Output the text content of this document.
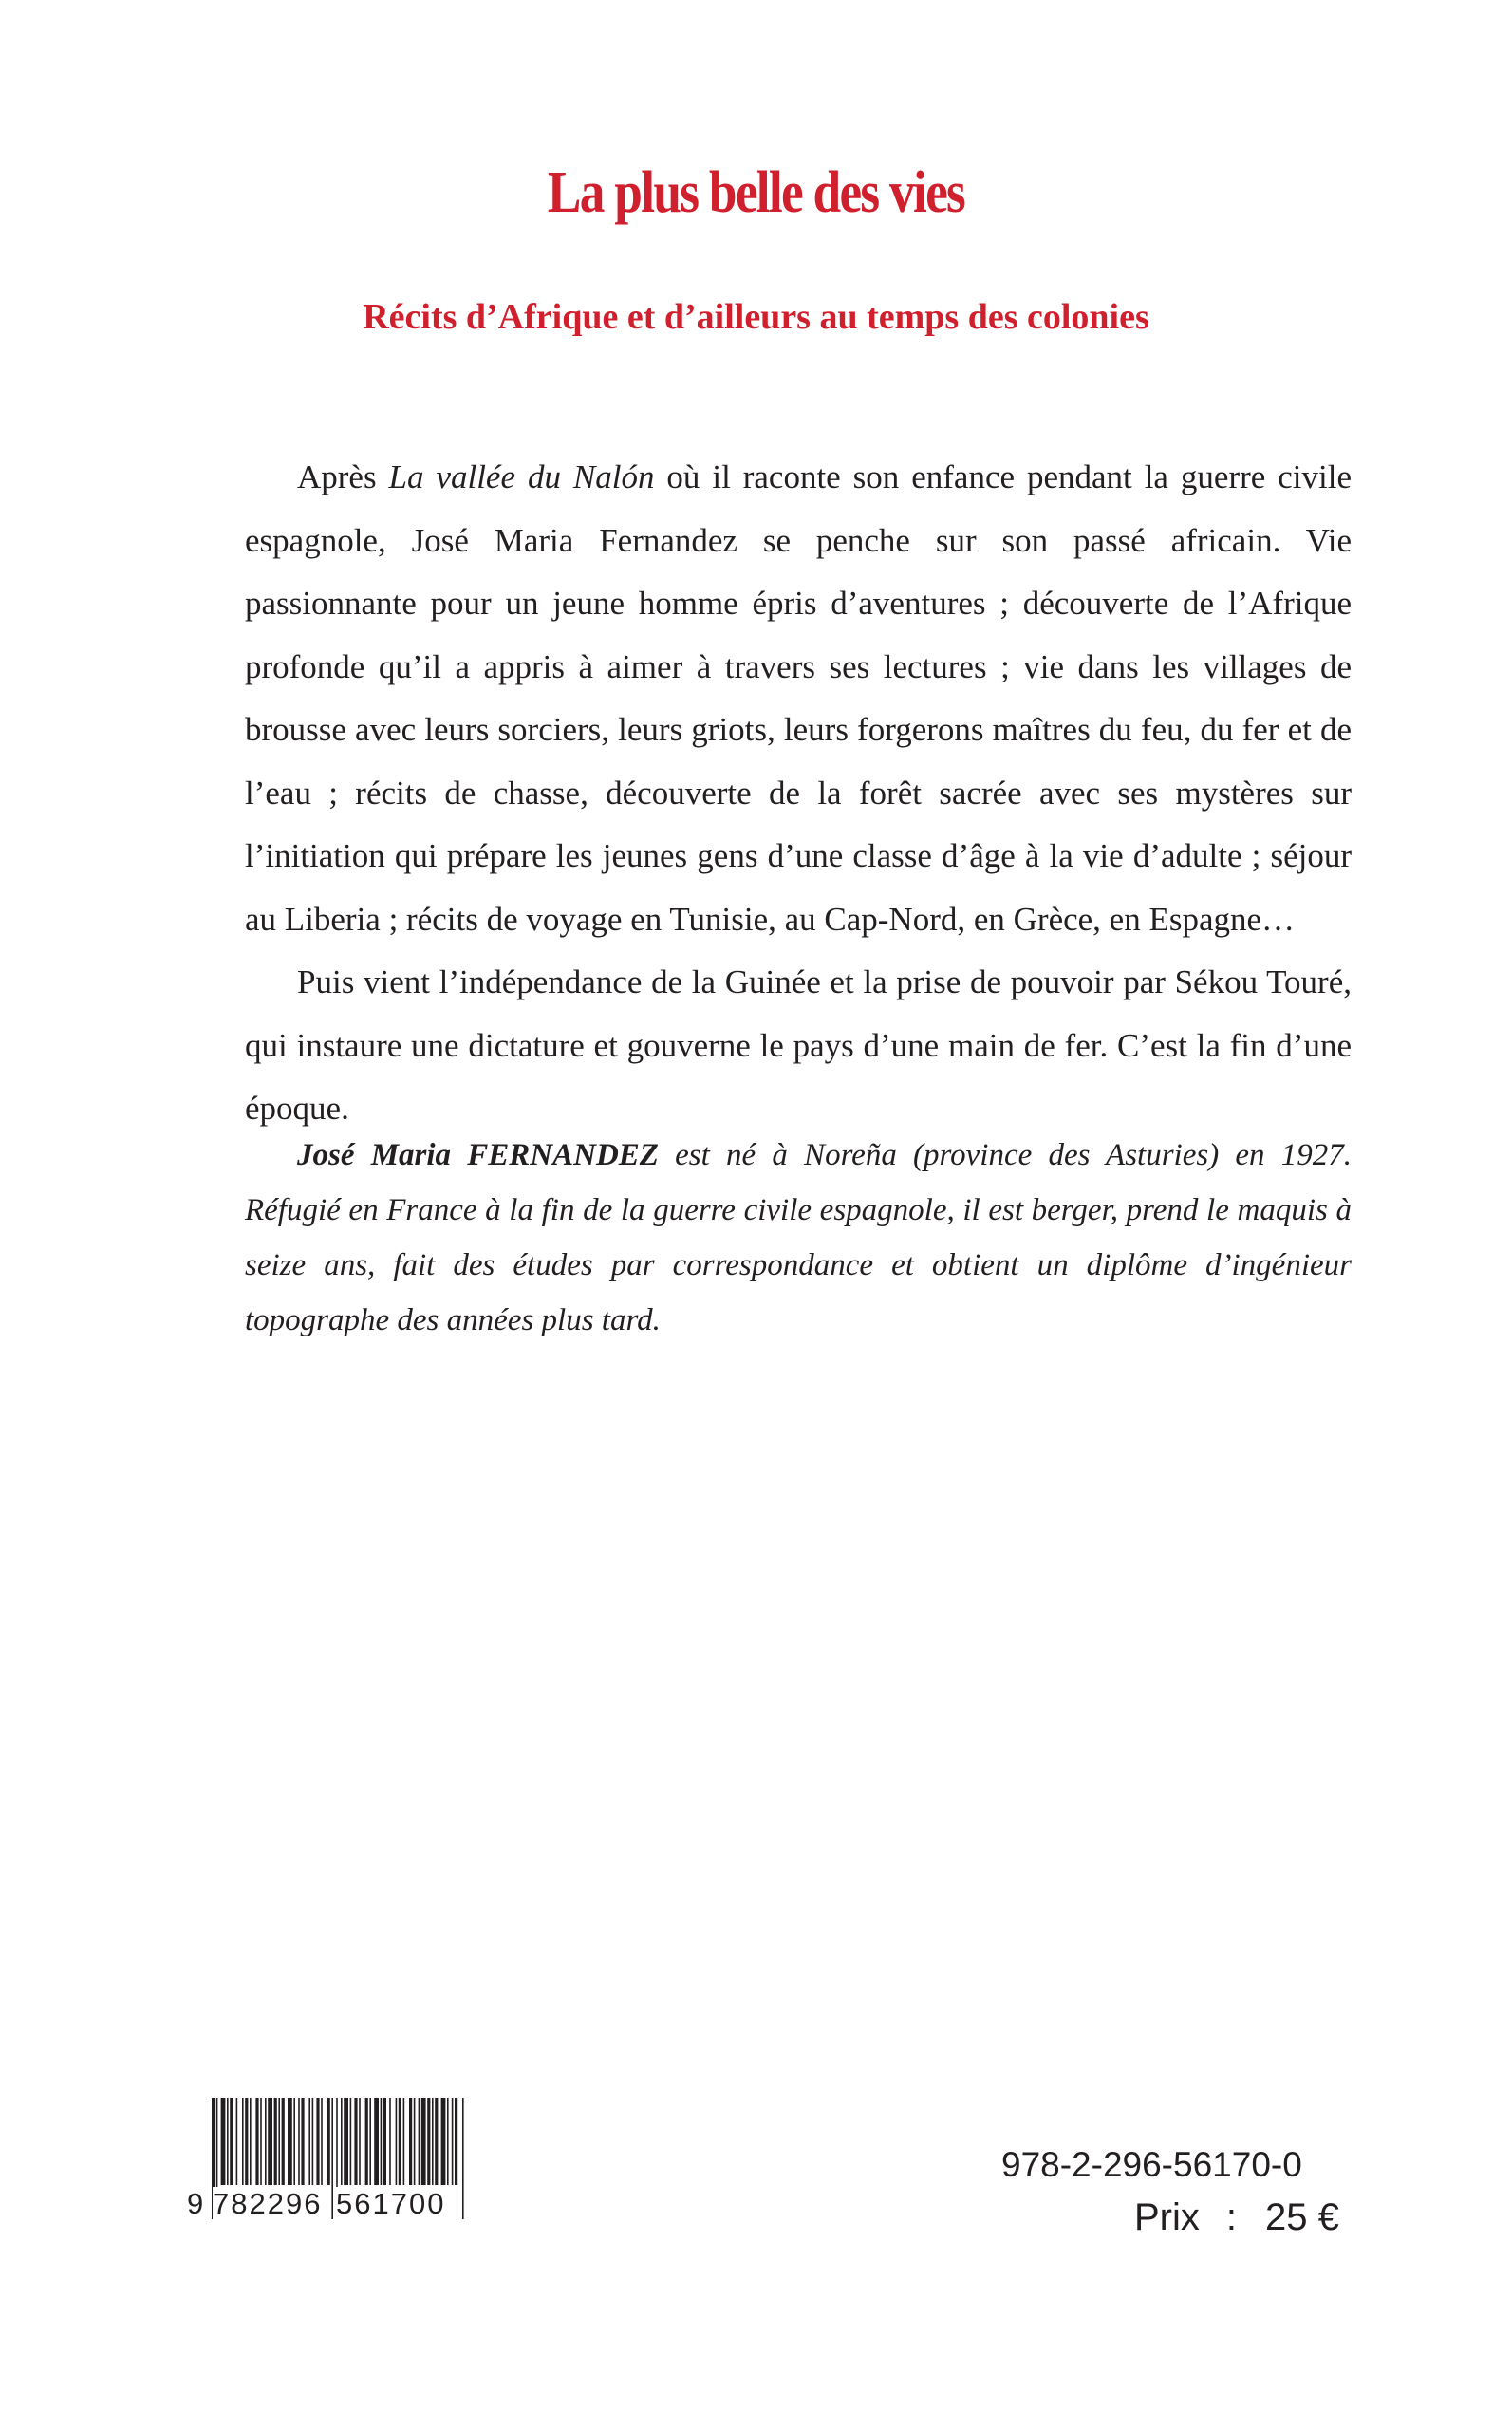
La plus belle des vies
Récits d’Afrique et d’ailleurs au temps des colonies

Après La vallée du Nalón où il raconte son enfance pendant la guerre civile espagnole, José Maria Fernandez se penche sur son passé africain. Vie passionnante pour un jeune homme épris d’aventures ; découverte de l’Afrique profonde qu’il a appris à aimer à travers ses lectures ; vie dans les villages de brousse avec leurs sorciers, leurs griots, leurs forgerons maîtres du feu, du fer et de l’eau ; récits de chasse, découverte de la forêt sacrée avec ses mystères sur l’initiation qui prépare les jeunes gens d’une classe d’âge à la vie d’adulte ; séjour au Liberia ; récits de voyage en Tunisie, au Cap-Nord, en Grèce, en Espagne…

Puis vient l’indépendance de la Guinée et la prise de pouvoir par Sékou Touré, qui instaure une dictature et gouverne le pays d’une main de fer. C’est la fin d’une époque.

José Maria FERNANDEZ est né à Noreña (province des Asturies) en 1927. Réfugié en France à la fin de la guerre civile espagnole, il est berger, prend le maquis à seize ans, fait des études par correspondance et obtient un diplôme d’ingénieur topographe des années plus tard.

9 782296 561700
978-2-296-56170-0
Prix : 25 €
